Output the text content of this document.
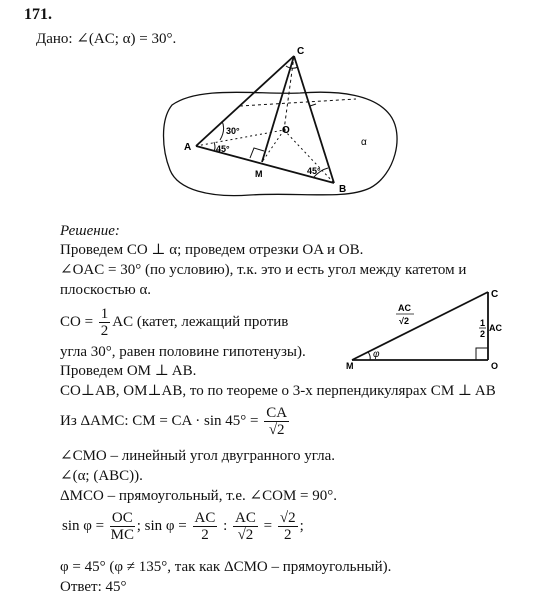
171.
Дано: ∠(AC; α) = 30°.
C
A
O
M
B
α
30°
45°
45°
Решение:
Проведем CO ⊥ α; проведем отрезки OA и OB.
∠OAC = 30° (по условию), т.к. это и есть угол между катетом и
плоскостью α.
CO = $\frac{1}{2}$ AC (катет, лежащий против
угла 30°, равен половине гипотенузы).
Проведем OM ⊥ AB.
CO⊥AB, OM⊥AB, то по теореме о 3-х перпендикулярах CM ⊥ AB
Из ΔAMC: CM = CA · $\sin 45^\circ = \frac{CA}{√2}$
∠CMO – линейный угол двугранного угла.
∠(α; (ABC)).
ΔMCO – прямоугольный, т.е. ∠COM = 90°.
$\sin \varphi = \frac{OC}{MC}$ ; $\sin \varphi = \frac{AC}{2}$ : $\frac{AC}{√2} = \frac{√2}{2}$ ;
φ = 45° (φ ≠ 135°, так как ΔCMO – прямоугольный).
Ответ: 45°
C
M	O
φ
AC
√2	1
2
AC
